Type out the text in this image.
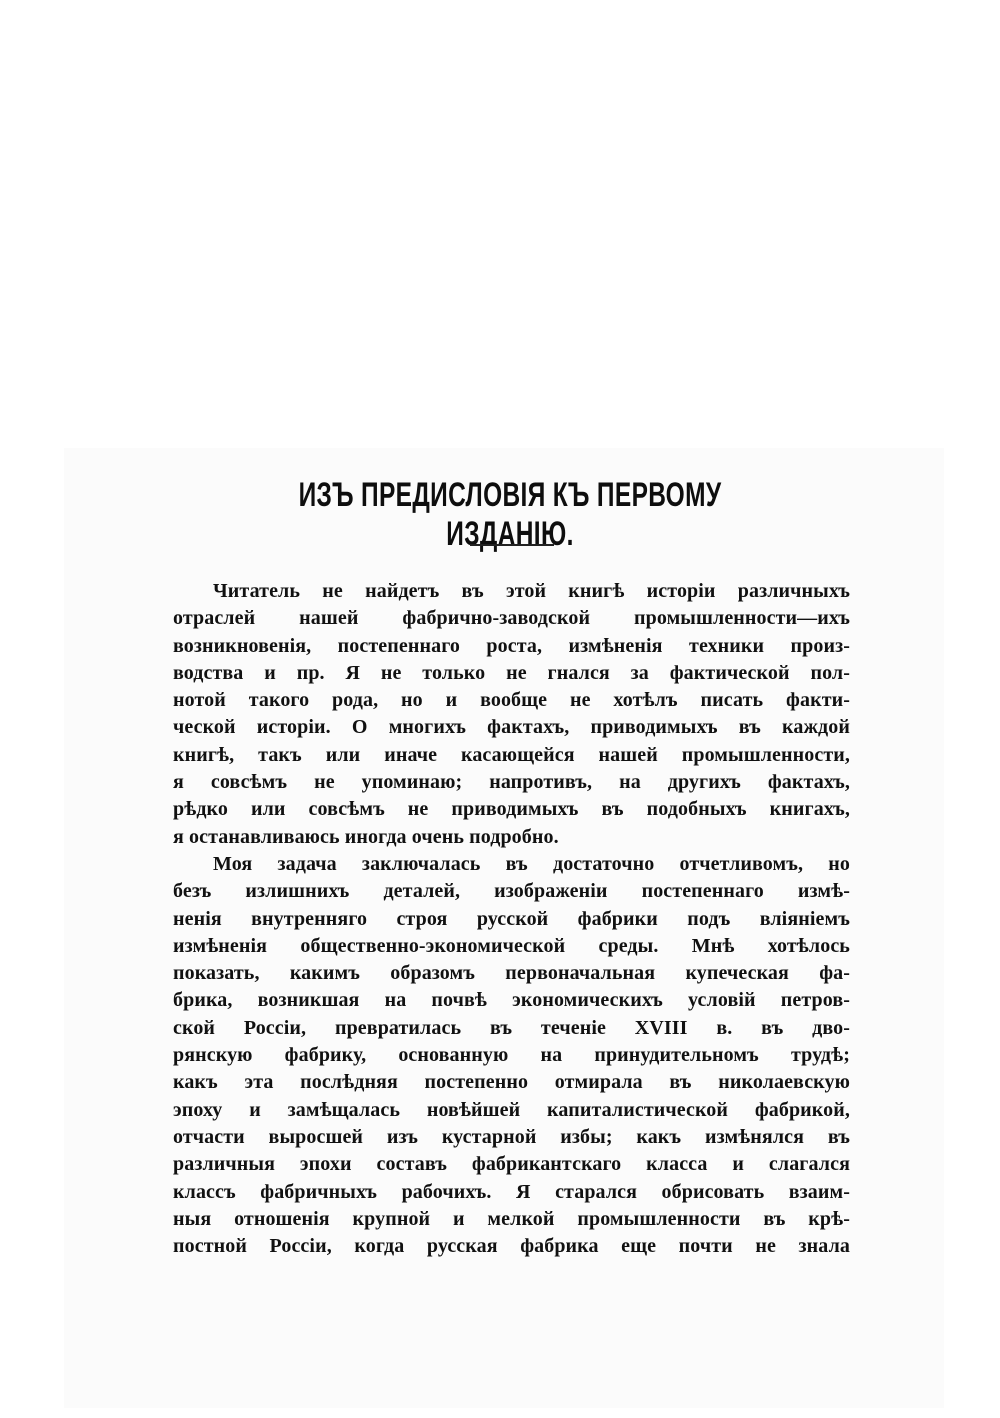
ИЗЪ ПРЕДИСЛОВІЯ КЪ ПЕРВОМУ ИЗДАНІЮ.
Читатель не найдетъ въ этой книгѣ исторіи различныхъ
отраслей нашей фабрично-заводской промышленности—ихъ
возникновенія, постепеннаго роста, измѣненія техники произ-
водства и пр. Я не только не гнался за фактической пол-
нотой такого рода, но и вообще не хотѣлъ писать факти-
ческой исторіи. О многихъ фактахъ, приводимыхъ въ каждой
книгѣ, такъ или иначе касающейся нашей промышленности,
я совсѣмъ не упоминаю; напротивъ, на другихъ фактахъ,
рѣдко или совсѣмъ не приводимыхъ въ подобныхъ книгахъ,
я останавливаюсь иногда очень подробно.
Моя задача заключалась въ достаточно отчетливомъ, но
безъ излишнихъ деталей, изображеніи постепеннаго измѣ-
ненія внутренняго строя русской фабрики подъ вліяніемъ
измѣненія общественно-экономической среды. Мнѣ хотѣлось
показать, какимъ образомъ первоначальная купеческая фа-
брика, возникшая на почвѣ экономическихъ условій петров-
ской Россіи, превратилась въ теченіе XVIII в. въ дво-
рянскую фабрику, основанную на принудительномъ трудѣ;
какъ эта послѣдняя постепенно отмирала въ николаевскую
эпоху и замѣщалась новѣйшей капиталистической фабрикой,
отчасти выросшей изъ кустарной избы; какъ измѣнялся въ
различныя эпохи составъ фабрикантскаго класса и слагался
классъ фабричныхъ рабочихъ. Я старался обрисовать взаим-
ныя отношенія крупной и мелкой промышленности въ крѣ-
постной Россіи, когда русская фабрика еще почти не знала
